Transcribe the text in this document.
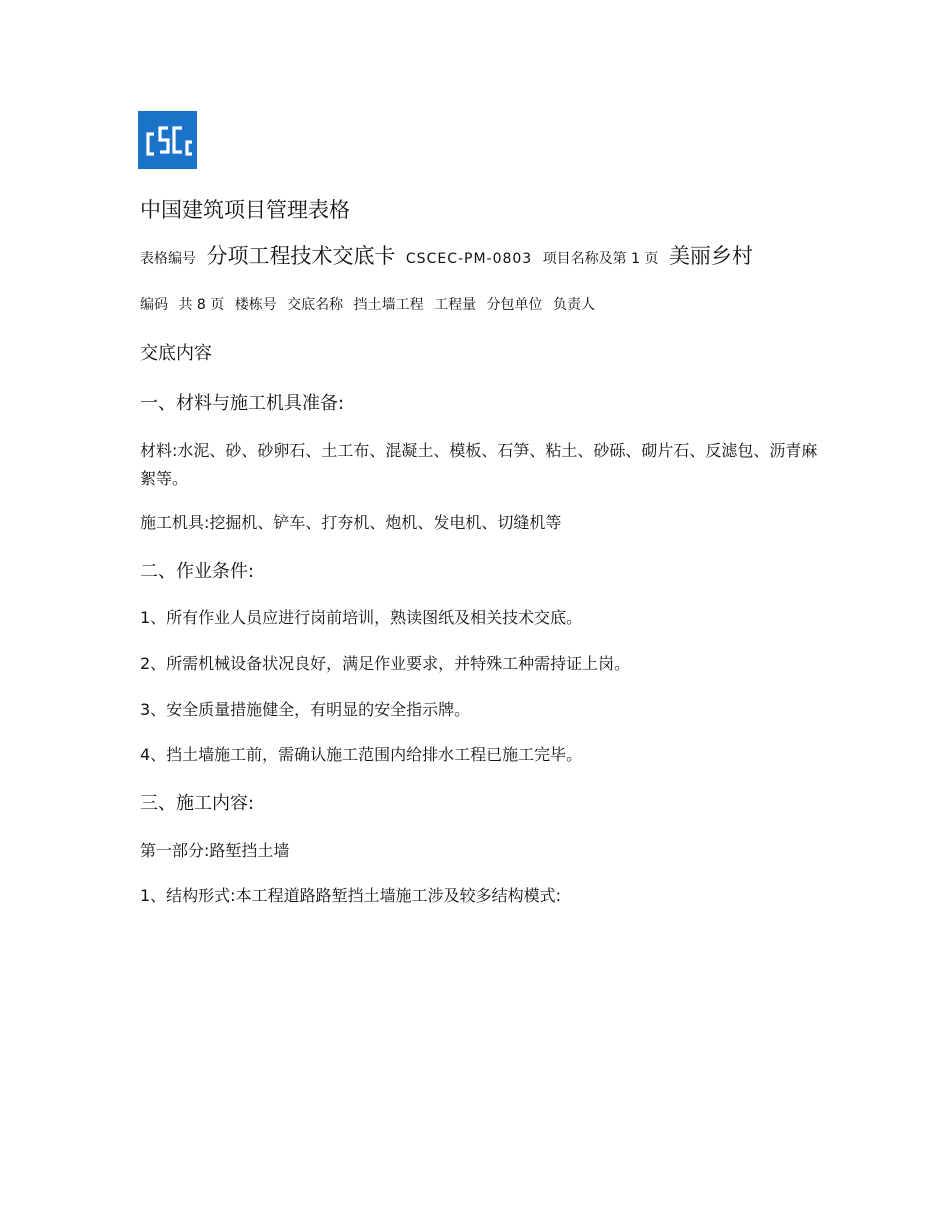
中国建筑项目管理表格
表格编号 分项工程技术交底卡 CSCEC-PM-0803 项目名称及第 1 页 美丽乡村
编码 共 8 页 楼栋号 交底名称 挡土墙工程 工程量 分包单位 负责人
交底内容
一、材料与施工机具准备:
材料:水泥、砂、砂卵石、土工布、混凝土、模板、石笋、粘土、砂砾、砌片石、反滤包、沥青麻絮等。
施工机具:挖掘机、铲车、打夯机、炮机、发电机、切缝机等
二、作业条件:
1、所有作业人员应进行岗前培训，熟读图纸及相关技术交底。
2、所需机械设备状况良好，满足作业要求，并特殊工种需持证上岗。
3、安全质量措施健全，有明显的安全指示牌。
4、挡土墙施工前，需确认施工范围内给排水工程已施工完毕。
三、施工内容:
第一部分:路堑挡土墙
1、结构形式:本工程道路路堑挡土墙施工涉及较多结构模式:
